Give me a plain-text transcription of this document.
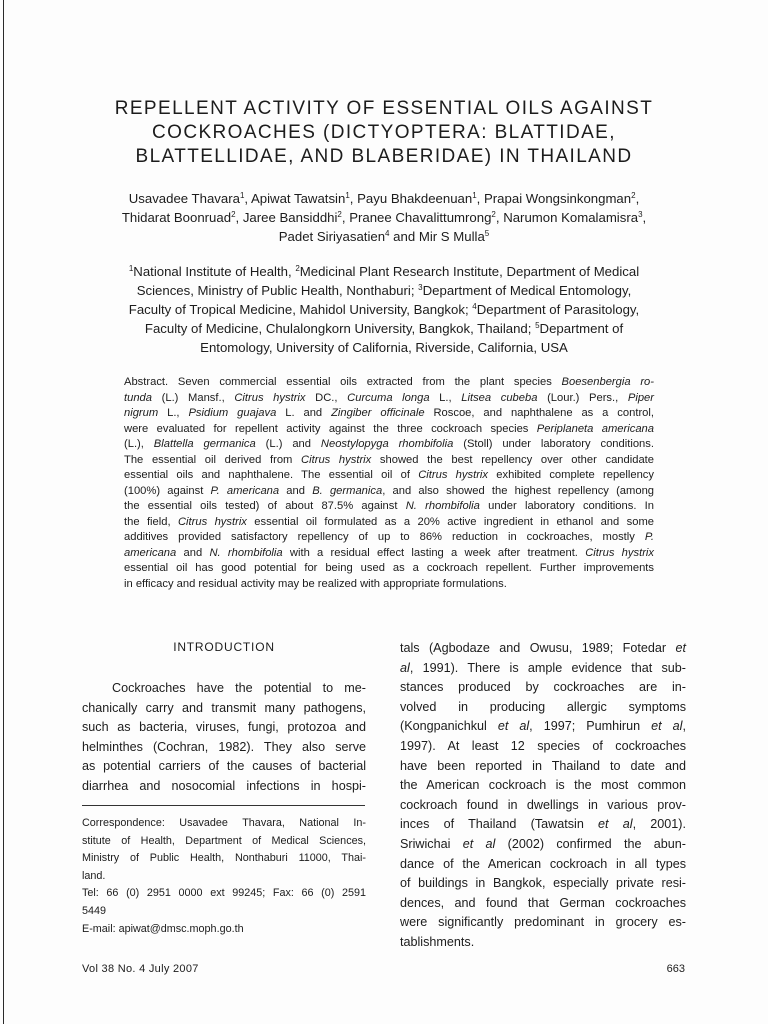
REPELLENT ACTIVITY OF ESSENTIAL OILS AGAINST
COCKROACHES (DICTYOPTERA: BLATTIDAE,
BLATTELLIDAE, AND BLABERIDAE) IN THAILAND
Usavadee Thavara$^1$, Apiwat Tawatsin$^1$, Payu Bhakdeenuan$^1$, Prapai Wongsinkongman$^2$,
Thidarat Boonruad$^2$, Jaree Bansiddhi$^2$, Pranee Chavalittumrong$^2$, Narumon Komalamisra$^3$,
Padet Siriyasatien$^4$ and Mir S Mulla$^5$
$^1$National Institute of Health, $^2$Medicinal Plant Research Institute, Department of Medical
Sciences, Ministry of Public Health, Nonthaburi; $^3$Department of Medical Entomology,
Faculty of Tropical Medicine, Mahidol University, Bangkok; $^4$Department of Parasitology,
Faculty of Medicine, Chulalongkorn University, Bangkok, Thailand; $^5$Department of
Entomology, University of California, Riverside, California, USA
Abstract. Seven commercial essential oils extracted from the plant species Boesenbergia ro-
tunda (L.) Mansf., Citrus hystrix DC., Curcuma longa L., Litsea cubeba (Lour.) Pers., Piper
nigrum L., Psidium guajava L. and Zingiber officinale Roscoe, and naphthalene as a control,
were evaluated for repellent activity against the three cockroach species Periplaneta americana
(L.), Blattella germanica (L.) and Neostylopyga rhombifolia (Stoll) under laboratory conditions.
The essential oil derived from Citrus hystrix showed the best repellency over other candidate
essential oils and naphthalene. The essential oil of Citrus hystrix exhibited complete repellency
(100%) against P. americana and B. germanica, and also showed the highest repellency (among
the essential oils tested) of about 87.5% against N. rhombifolia under laboratory conditions. In
the field, Citrus hystrix essential oil formulated as a 20% active ingredient in ethanol and some
additives provided satisfactory repellency of up to 86% reduction in cockroaches, mostly P.
americana and N. rhombifolia with a residual effect lasting a week after treatment. Citrus hystrix
essential oil has good potential for being used as a cockroach repellent. Further improvements
in efficacy and residual activity may be realized with appropriate formulations.
INTRODUCTION
Cockroaches have the potential to me-
chanically carry and transmit many pathogens,
such as bacteria, viruses, fungi, protozoa and
helminthes (Cochran, 1982). They also serve
as potential carriers of the causes of bacterial
diarrhea and nosocomial infections in hospi-
Correspondence: Usavadee Thavara, National In-
stitute of Health, Department of Medical Sciences,
Ministry of Public Health, Nonthaburi 11000, Thai-
land.
Tel: 66 (0) 2951 0000 ext 99245; Fax: 66 (0) 2591
5449
E-mail: apiwat@dmsc.moph.go.th
tals (Agbodaze and Owusu, 1989; Fotedar et
al, 1991). There is ample evidence that sub-
stances produced by cockroaches are in-
volved in producing allergic symptoms
(Kongpanichkul et al, 1997; Pumhirun et al,
1997). At least 12 species of cockroaches
have been reported in Thailand to date and
the American cockroach is the most common
cockroach found in dwellings in various prov-
inces of Thailand (Tawatsin et al, 2001).
Sriwichai et al (2002) confirmed the abun-
dance of the American cockroach in all types
of buildings in Bangkok, especially private resi-
dences, and found that German cockroaches
were significantly predominant in grocery es-
tablishments.
Vol 38 No. 4 July 2007	663
